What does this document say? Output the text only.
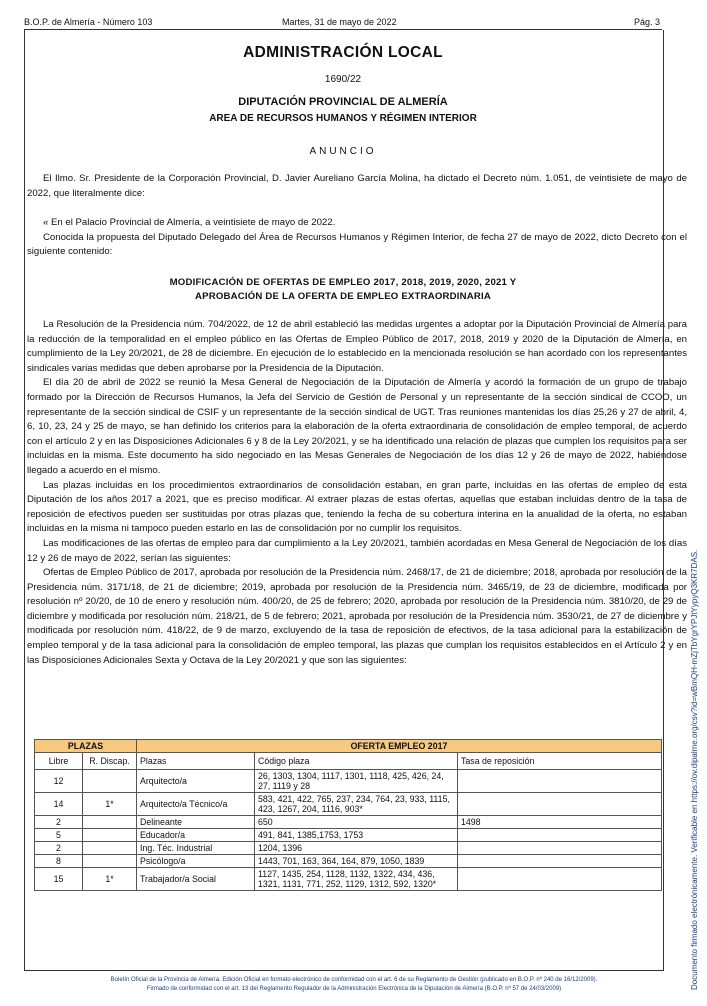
B.O.P. de Almería - Número 103	Martes, 31 de mayo de 2022	Pág. 3
ADMINISTRACIÓN LOCAL
1690/22
DIPUTACIÓN PROVINCIAL DE ALMERÍA
AREA DE RECURSOS HUMANOS Y RÉGIMEN INTERIOR
ANUNCIO

El Ilmo. Sr. Presidente de la Corporación Provincial, D. Javier Aureliano García Molina, ha dictado el Decreto núm. 1.051, de veintisiete de mayo de 2022, que literalmente dice:

« En el Palacio Provincial de Almería, a veintisiete de mayo de 2022.

Conocida la propuesta del Diputado Delegado del Área de Recursos Humanos y Régimen Interior, de fecha 27 de mayo de 2022, dicto Decreto con el siguiente contenido:

MODIFICACIÓN DE OFERTAS DE EMPLEO 2017, 2018, 2019, 2020, 2021 Y
APROBACIÓN DE LA OFERTA DE EMPLEO EXTRAORDINARIA

La Resolución de la Presidencia núm. 704/2022, de 12 de abril estableció las medidas urgentes a adoptar por la Diputación Provincial de Almería para la reducción de la temporalidad en el empleo público en las Ofertas de Empleo Público de 2017, 2018, 2019 y 2020 de la Diputación de Almería, en cumplimiento de la Ley 20/2021, de 28 de diciembre. En ejecución de lo establecido en la mencionada resolución se han acordado con los representantes sindicales varias medidas que deben aprobarse por la Presidencia de la Diputación.

El día 20 de abril de 2022 se reunió la Mesa General de Negociación de la Diputación de Almería y acordó la formación de un grupo de trabajo formado por la Dirección de Recursos Humanos, la Jefa del Servicio de Gestión de Personal y un representante de la sección sindical de CCOO, un representante de la sección sindical de CSIF y un representante de la sección sindical de UGT. Tras reuniones mantenidas los días 25,26 y 27 de abril, 4, 6, 10, 23, 24 y 25 de mayo, se han definido los criterios para la elaboración de la oferta extraordinaria de consolidación de empleo temporal, de acuerdo con el artículo 2 y en las Disposiciones Adicionales 6 y 8 de la Ley 20/2021, y se ha identificado una relación de plazas que cumplen los requisitos para ser incluidas en la misma. Este documento ha sido negociado en las Mesas Generales de Negociación de los días 12 y 26 de mayo de 2022, habiéndose llegado a acuerdo en el mismo.

Las plazas incluidas en los procedimientos extraordinarios de consolidación estaban, en gran parte, incluidas en las ofertas de empleo de esta Diputación de los años 2017 a 2021, que es preciso modificar. Al extraer plazas de estas ofertas, aquellas que estaban incluidas dentro de la tasa de reposición de efectivos pueden ser sustituidas por otras plazas que, teniendo la fecha de su cobertura interina en la anualidad de la oferta, no estaban incluidas en la misma ni tampoco pueden estarlo en las de consolidación por no cumplir los requisitos.

Las modificaciones de las ofertas de empleo para dar cumplimiento a la Ley 20/2021, también acordadas en Mesa General de Negociación de los días 12 y 26 de mayo de 2022, serían las siguientes:

Ofertas de Empleo Público de 2017, aprobada por resolución de la Presidencia núm. 2468/17, de 21 de diciembre; 2018, aprobada por resolución de la Presidencia núm. 3171/18, de 21 de diciembre; 2019, aprobada por resolución de la Presidencia núm. 3465/19, de 23 de diciembre, modificada por resolución nº 20/20, de 10 de enero y resolución núm. 400/20, de 25 de febrero; 2020, aprobada por resolución de la Presidencia núm. 3810/20, de 29 de diciembre y modificada por resolución núm. 218/21, de 5 de febrero; 2021, aprobada por resolución de la Presidencia núm. 3530/21, de 27 de diciembre y modificada por resolución núm. 418/22, de 9 de marzo, excluyendo de la tasa de reposición de efectivos, de la tasa adicional para la estabilización de empleo temporal y de la tasa adicional para la consolidación de empleo temporal, las plazas que cumplan los requisitos establecidos en el Artículo 2 y en las Disposiciones Adicionales Sexta y Octava de la Ley 20/2021 y que son las siguientes:

PLAZAS		OFERTA EMPLEO 2017		
Libre	R. Discap.	Plazas	Código plaza	Tasa de reposición
12		Arquitecto/a	26, 1303, 1304, 1117, 1301, 1118, 425, 426, 24, 27, 1119 y 28	
14	1*	Arquitecto/a Técnico/a	583, 421, 422, 765, 237, 234, 764, 23, 933, 1115, 423, 1267, 204, 1116, 903*	
2		Delineante	650	1498
5		Educador/a	491, 841, 1385,1753, 1753	
2		Ing. Téc. Industrial	1204, 1396	
8		Psicólogo/a	1443, 701, 163, 364, 164, 879, 1050, 1839	
15	1*	Trabajador/a Social	1127, 1435, 254, 1128, 1132, 1322, 434, 436, 1321, 1131, 771, 252, 1129, 1312, 592, 1320*	
Boletín Oficial de la Provincia de Almería. Edición Oficial en formato electrónico de conformidad con el art. 6 de su Reglamento de Gestión (publicado en B.O.P. nº 240 de 16/12/2009).
Firmado de conformidad con el art. 13 del Reglamento Regulador de la Administración Electrónica de la Diputación de Almería (B.O.P. nº 57 de 24/03/2009)	Documento firmado electrónicamente. Verificable en https://ov.dipalme.org/csv?id=wBmQH-mZjTbYgrYPJtYypyQ3KR7DAS.
